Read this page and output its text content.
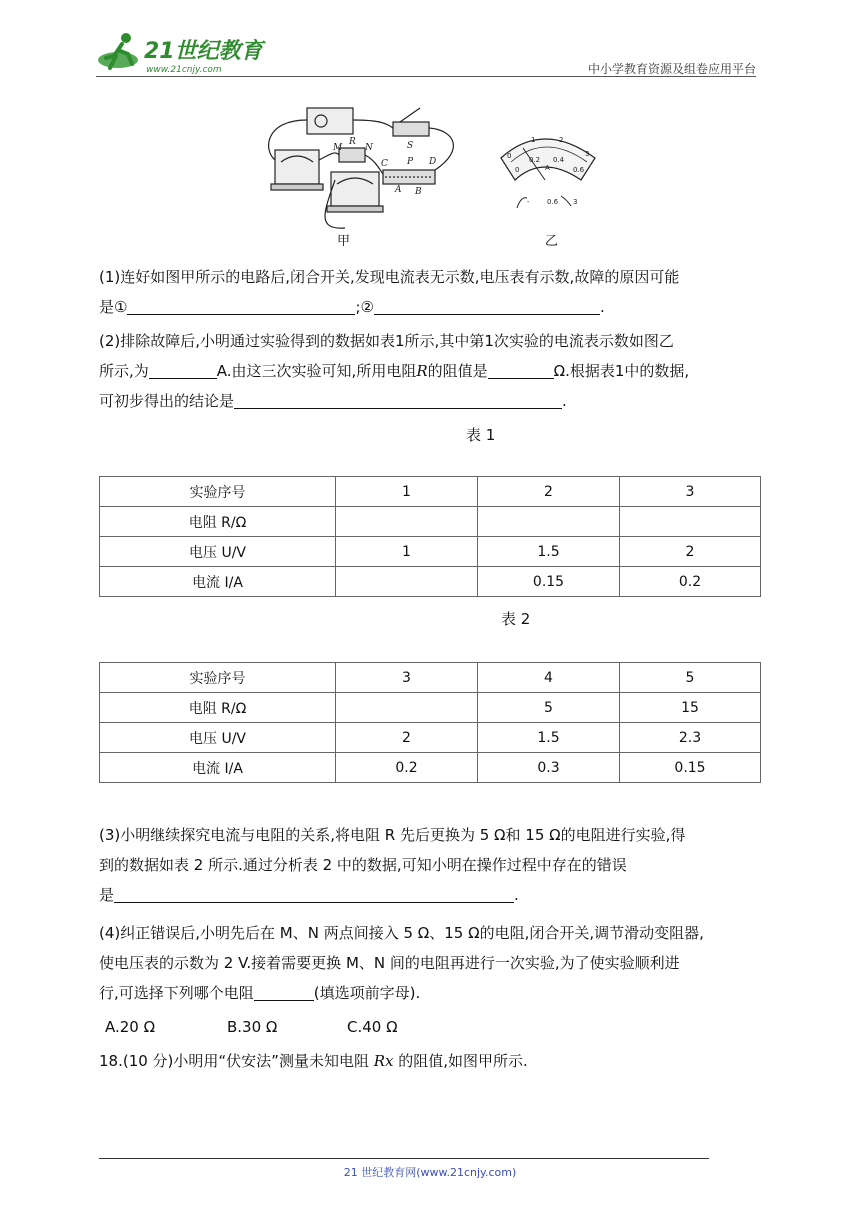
21世纪教育
www.21cnjy.com	中小学教育资源及组卷应用平台
M
R
N	S
C P D
A B
0
1	2
3
0
0.2 0.4
0.6
A
- 0.6 3
甲	乙
(1)连好如图甲所示的电路后,闭合开关,发现电流表无示数,电压表有示数,故障的原因可能
是①	;②	.
(2)排除故障后,小明通过实验得到的数据如表1所示,其中第1次实验的电流表示数如图乙
所示,为	A.由这三次实验可知,所用电阻R的阻值是	Ω.根据表1中的数据,
可初步得出的结论是	.
表 1
实验序号	1	2	3
电阻 R/Ω			
电压 U/V	1	1.5	2
电流 I/A		0.15	0.2
表 2
实验序号	3	4	5
电阻 R/Ω		5	15
电压 U/V	2	1.5	2.3
电流 I/A	0.2	0.3	0.15
(3)小明继续探究电流与电阻的关系,将电阻 R 先后更换为 5 Ω和 15 Ω的电阻进行实验,得
到的数据如表 2 所示.通过分析表 2 中的数据,可知小明在操作过程中存在的错误
是	.
(4)纠正错误后,小明先后在 M、N 两点间接入 5 Ω、15 Ω的电阻,闭合开关,调节滑动变阻器,
使电压表的示数为 2 V.接着需要更换 M、N 间的电阻再进行一次实验,为了使实验顺利进
行,可选择下列哪个电阻	(填选项前字母).
A.20 Ω	B.30 Ω	C.40 Ω
18.(10 分)小明用“伏安法”测量未知电阻 Rx 的阻值,如图甲所示.
21 世纪教育网(www.21cnjy.com)
